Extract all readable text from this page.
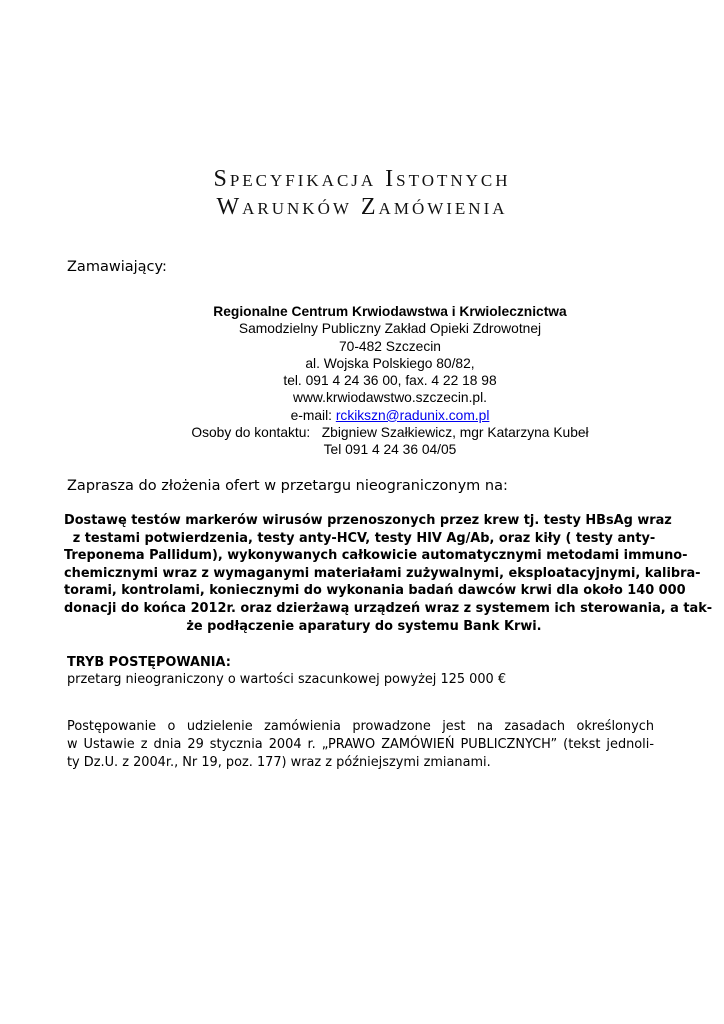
Specyfikacja Istotnych
Warunków Zamówienia
Zamawiający:
Regionalne Centrum Krwiodawstwa i Krwiolecznictwa
Samodzielny Publiczny Zakład Opieki Zdrowotnej
70-482 Szczecin
al. Wojska Polskiego 80/82,
tel. 091 4 24 36 00, fax. 4 22 18 98
www.krwiodawstwo.szczecin.pl.
e-mail: rckikszn@radunix.com.pl
Osoby do kontaktu:   Zbigniew Szałkiewicz, mgr Katarzyna Kubeł
Tel 091 4 24 36 04/05
Zaprasza do złożenia ofert w przetargu nieograniczonym na:
Dostawę testów markerów wirusów przenoszonych przez krew tj. testy HBsAg wraz
z testami potwierdzenia, testy anty-HCV, testy HIV Ag/Ab, oraz kiły ( testy anty-
Treponema Pallidum), wykonywanych całkowicie automatycznymi metodami immuno-
chemicznymi wraz z wymaganymi materiałami zużywalnymi, eksploatacyjnymi, kalibra-
torami, kontrolami, koniecznymi do wykonania badań dawców krwi dla około 140 000
donacji do końca 2012r. oraz dzierżawą urządzeń wraz z systemem ich sterowania, a tak-
że podłączenie aparatury do systemu Bank Krwi.
TRYB POSTĘPOWANIA:
przetarg nieograniczony o wartości szacunkowej powyżej 125 000 €
Postępowanie o udzielenie zamówienia prowadzone jest na zasadach określonych
w Ustawie z dnia 29 stycznia 2004 r. „PRAWO ZAMÓWIEŃ PUBLICZNYCH” (tekst jednoli-
ty Dz.U. z 2004r., Nr 19, poz. 177) wraz z późniejszymi zmianami.
